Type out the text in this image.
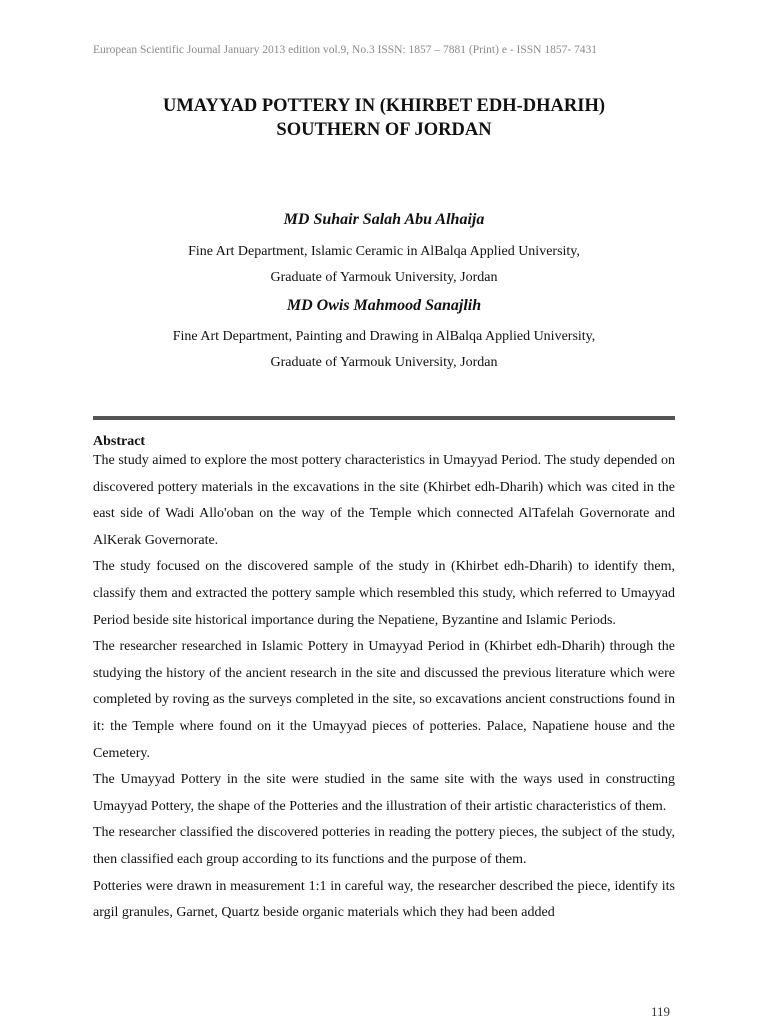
European Scientific Journal January 2013 edition vol.9, No.3 ISSN: 1857 – 7881 (Print) e - ISSN 1857- 7431
UMAYYAD POTTERY IN (KHIRBET EDH-DHARIH)
SOUTHERN OF JORDAN
MD Suhair Salah Abu Alhaija
Fine Art Department, Islamic Ceramic in AlBalqa Applied University,
Graduate of Yarmouk University, Jordan
MD Owis Mahmood Sanajlih
Fine Art Department, Painting and Drawing in AlBalqa Applied University,
Graduate of Yarmouk University, Jordan
Abstract

The study aimed to explore the most pottery characteristics in Umayyad Period. The study depended on discovered pottery materials in the excavations in the site (Khirbet edh-Dharih) which was cited in the east side of Wadi Allo'oban on the way of the Temple which connected AlTafelah Governorate and AlKerak Governorate.

The study focused on the discovered sample of the study in (Khirbet edh-Dharih) to identify them, classify them and extracted the pottery sample which resembled this study, which referred to Umayyad Period beside site historical importance during the Nepatiene, Byzantine and Islamic Periods.

The researcher researched in Islamic Pottery in Umayyad Period in (Khirbet edh-Dharih) through the studying the history of the ancient research in the site and discussed the previous literature which were completed by roving as the surveys completed in the site, so excavations ancient constructions found in it: the Temple where found on it the Umayyad pieces of potteries. Palace, Napatiene house and the Cemetery.

The Umayyad Pottery in the site were studied in the same site with the ways used in constructing Umayyad Pottery, the shape of the Potteries and the illustration of their artistic characteristics of them.

The researcher classified the discovered potteries in reading the pottery pieces, the subject of the study, then classified each group according to its functions and the purpose of them.

Potteries were drawn in measurement 1:1 in careful way, the researcher described the piece, identify its argil granules, Garnet, Quartz beside organic materials which they had been added

119
